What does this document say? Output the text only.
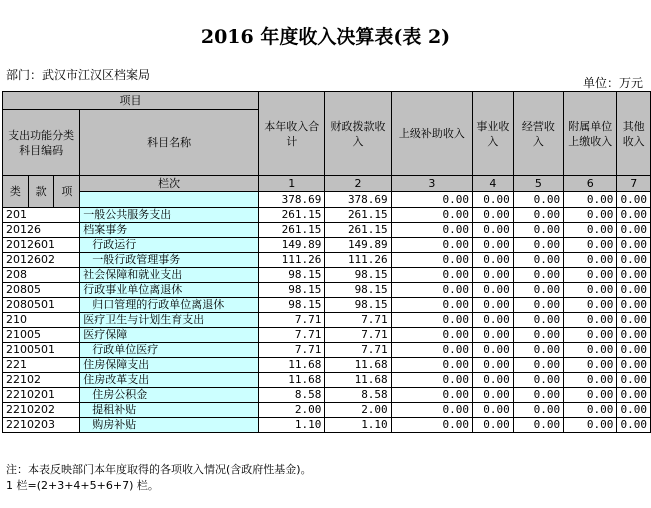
2016 年度收入决算表(表 2)
部门：武汉市江汉区档案局
单位：万元
项目				本年收入合计	财政拨款收入	上级补助收入	事业收入	经营收入	附属单位上缴收入	其他收入
支出功能分类科目编码			科目名称							

类	款	项	栏次	1	2	3	4	5	6	7
				378.69	378.69	0.00	0.00	0.00	0.00	0.00
201			一般公共服务支出	261.15	261.15	0.00	0.00	0.00	0.00	0.00
20126			档案事务	261.15	261.15	0.00	0.00	0.00	0.00	0.00
2012601			行政运行	149.89	149.89	0.00	0.00	0.00	0.00	0.00
2012602			一般行政管理事务	111.26	111.26	0.00	0.00	0.00	0.00	0.00
208			社会保障和就业支出	98.15	98.15	0.00	0.00	0.00	0.00	0.00
20805			行政事业单位离退休	98.15	98.15	0.00	0.00	0.00	0.00	0.00
2080501			归口管理的行政单位离退休	98.15	98.15	0.00	0.00	0.00	0.00	0.00
210			医疗卫生与计划生育支出	7.71	7.71	0.00	0.00	0.00	0.00	0.00
21005			医疗保障	7.71	7.71	0.00	0.00	0.00	0.00	0.00
2100501			行政单位医疗	7.71	7.71	0.00	0.00	0.00	0.00	0.00
221			住房保障支出	11.68	11.68	0.00	0.00	0.00	0.00	0.00
22102			住房改革支出	11.68	11.68	0.00	0.00	0.00	0.00	0.00
2210201			住房公积金	8.58	8.58	0.00	0.00	0.00	0.00	0.00
2210202			提租补贴	2.00	2.00	0.00	0.00	0.00	0.00	0.00
2210203			购房补贴	1.10	1.10	0.00	0.00	0.00	0.00	0.00
注：本表反映部门本年度取得的各项收入情况(含政府性基金)。
1 栏=(2+3+4+5+6+7) 栏。
